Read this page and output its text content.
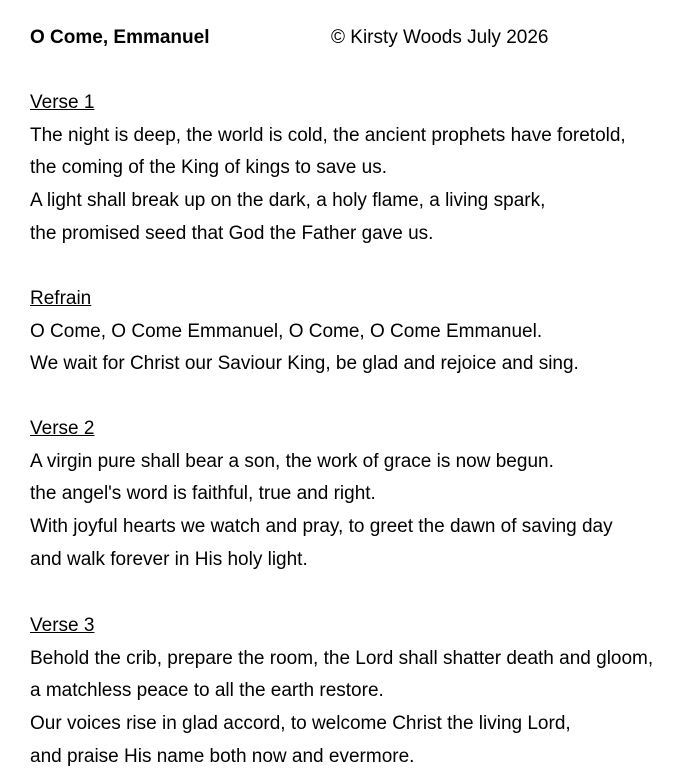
O Come, Emmanuel	© Kirsty Woods July 2026
Verse 1
The night is deep, the world is cold, the ancient prophets have foretold,
the coming of the King of kings to save us.
A light shall break up on the dark, a holy flame, a living spark,
the promised seed that God the Father gave us.
Refrain
O Come, O Come Emmanuel, O Come, O Come Emmanuel.
We wait for Christ our Saviour King, be glad and rejoice and sing.
Verse 2
A virgin pure shall bear a son, the work of grace is now begun.
the angel's word is faithful, true and right.
With joyful hearts we watch and pray, to greet the dawn of saving day
and walk forever in His holy light.
Verse 3
Behold the crib, prepare the room, the Lord shall shatter death and gloom,
a matchless peace to all the earth restore.
Our voices rise in glad accord, to welcome Christ the living Lord,
and praise His name both now and evermore.
